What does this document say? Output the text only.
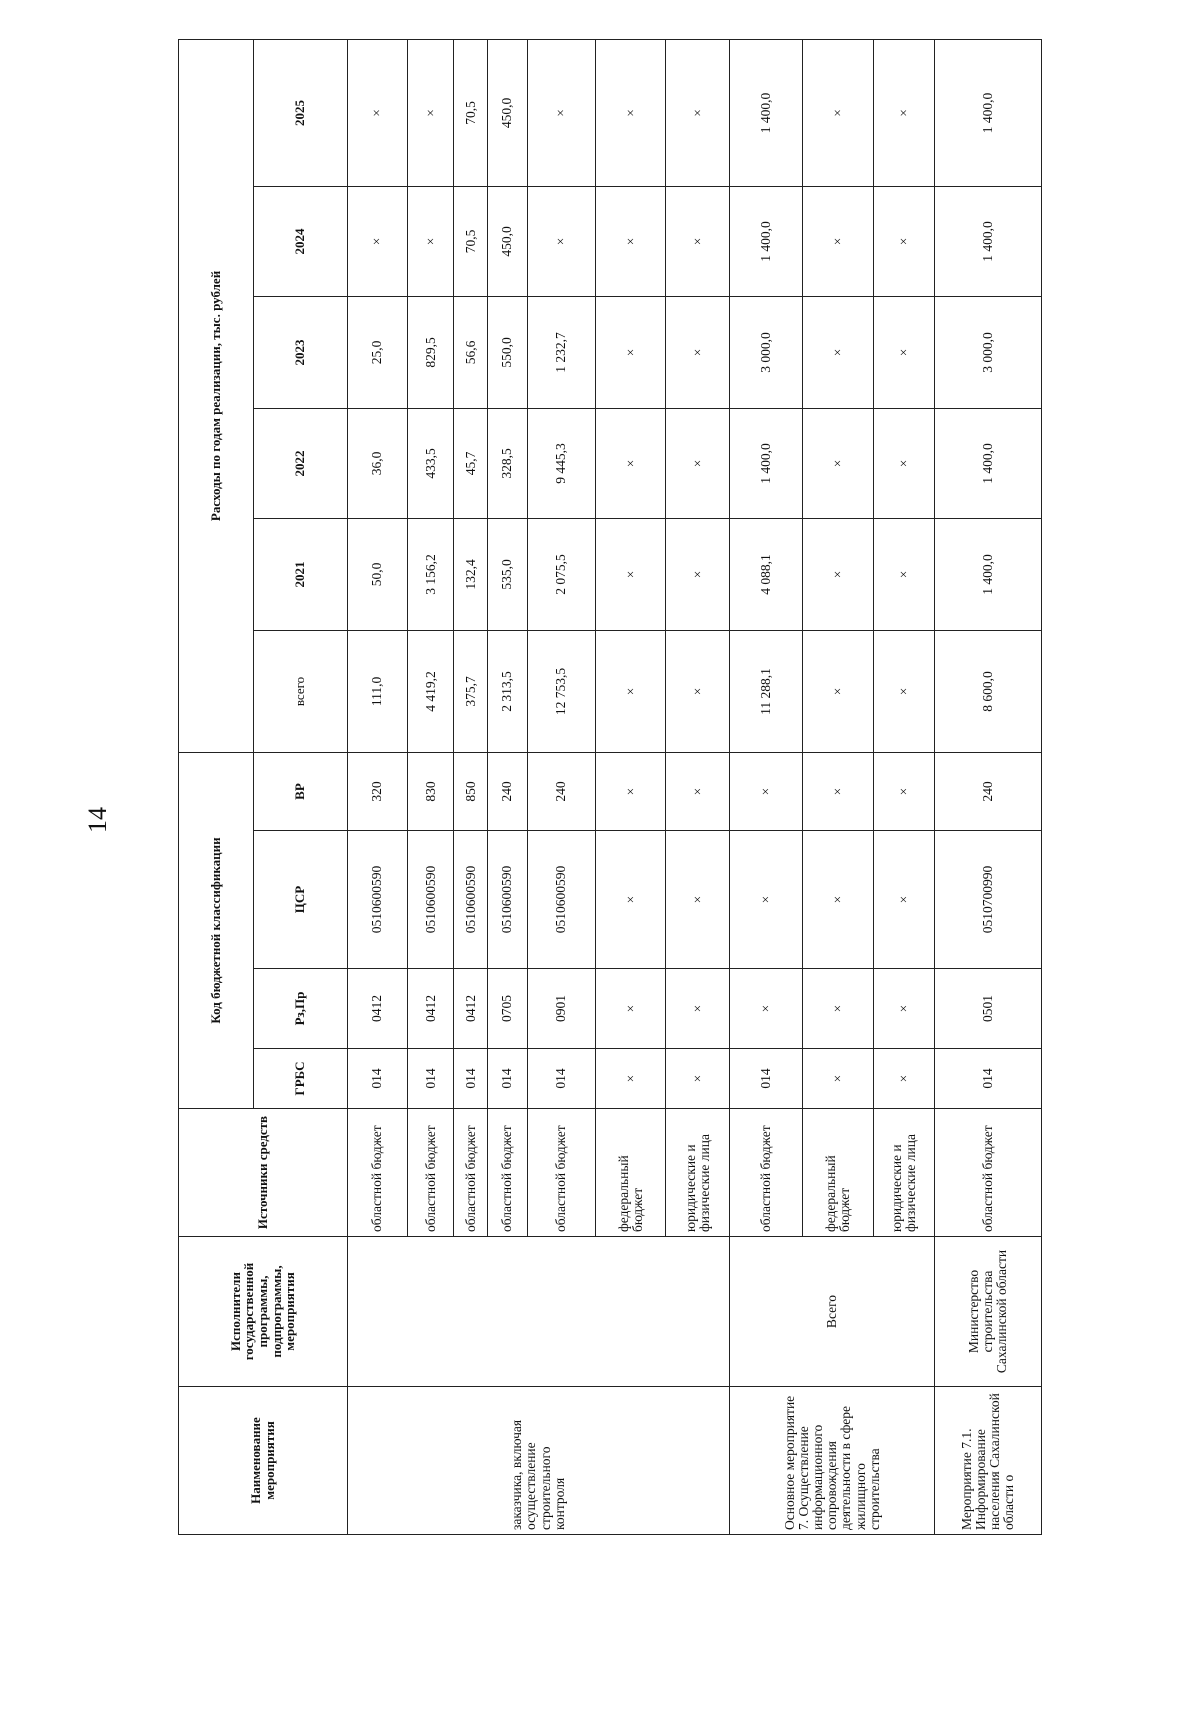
14
Наименование мероприятия	Исполнители государственной программы, подпрограммы, мероприятия	Источники средств	Код бюджетной классификации				Расходы по годам реализации, тыс. рублей					
			ГРБС	Рз,Пр	ЦСР	ВР	всего	2021	2022	2023	2024	2025
заказчика, включая осуществление строительного контроля		областной бюджет	014	0412	0510600590	320	111,0	50,0	36,0	25,0	×	×
		областной бюджет	014	0412	0510600590	830	4 419,2	3 156,2	433,5	829,5	×	×
		областной бюджет	014	0412	0510600590	850	375,7	132,4	45,7	56,6	70,5	70,5
		областной бюджет	014	0705	0510600590	240	2 313,5	535,0	328,5	550,0	450,0	450,0
		областной бюджет	014	0901	0510600590	240	12 753,5	2 075,5	9 445,3	1 232,7	×	×
		федеральный бюджет	×	×	×	×	×	×	×	×	×	×
		юридические и физические лица	×	×	×	×	×	×	×	×	×	×
Основное мероприятие 7. Осуществление информационного сопровождения деятельности в сфере жилищного строительства	Всего	областной бюджет	014	×	×	×	11 288,1	4 088,1	1 400,0	3 000,0	1 400,0	1 400,0
		федеральный бюджет	×	×	×	×	×	×	×	×	×	×
		юридические и физические лица	×	×	×	×	×	×	×	×	×	×
Мероприятие 7.1. Информирование населения Сахалинской области о	Министерство строительства Сахалинской области	областной бюджет	014	0501	0510700990	240	8 600,0	1 400,0	1 400,0	3 000,0	1 400,0	1 400,0
